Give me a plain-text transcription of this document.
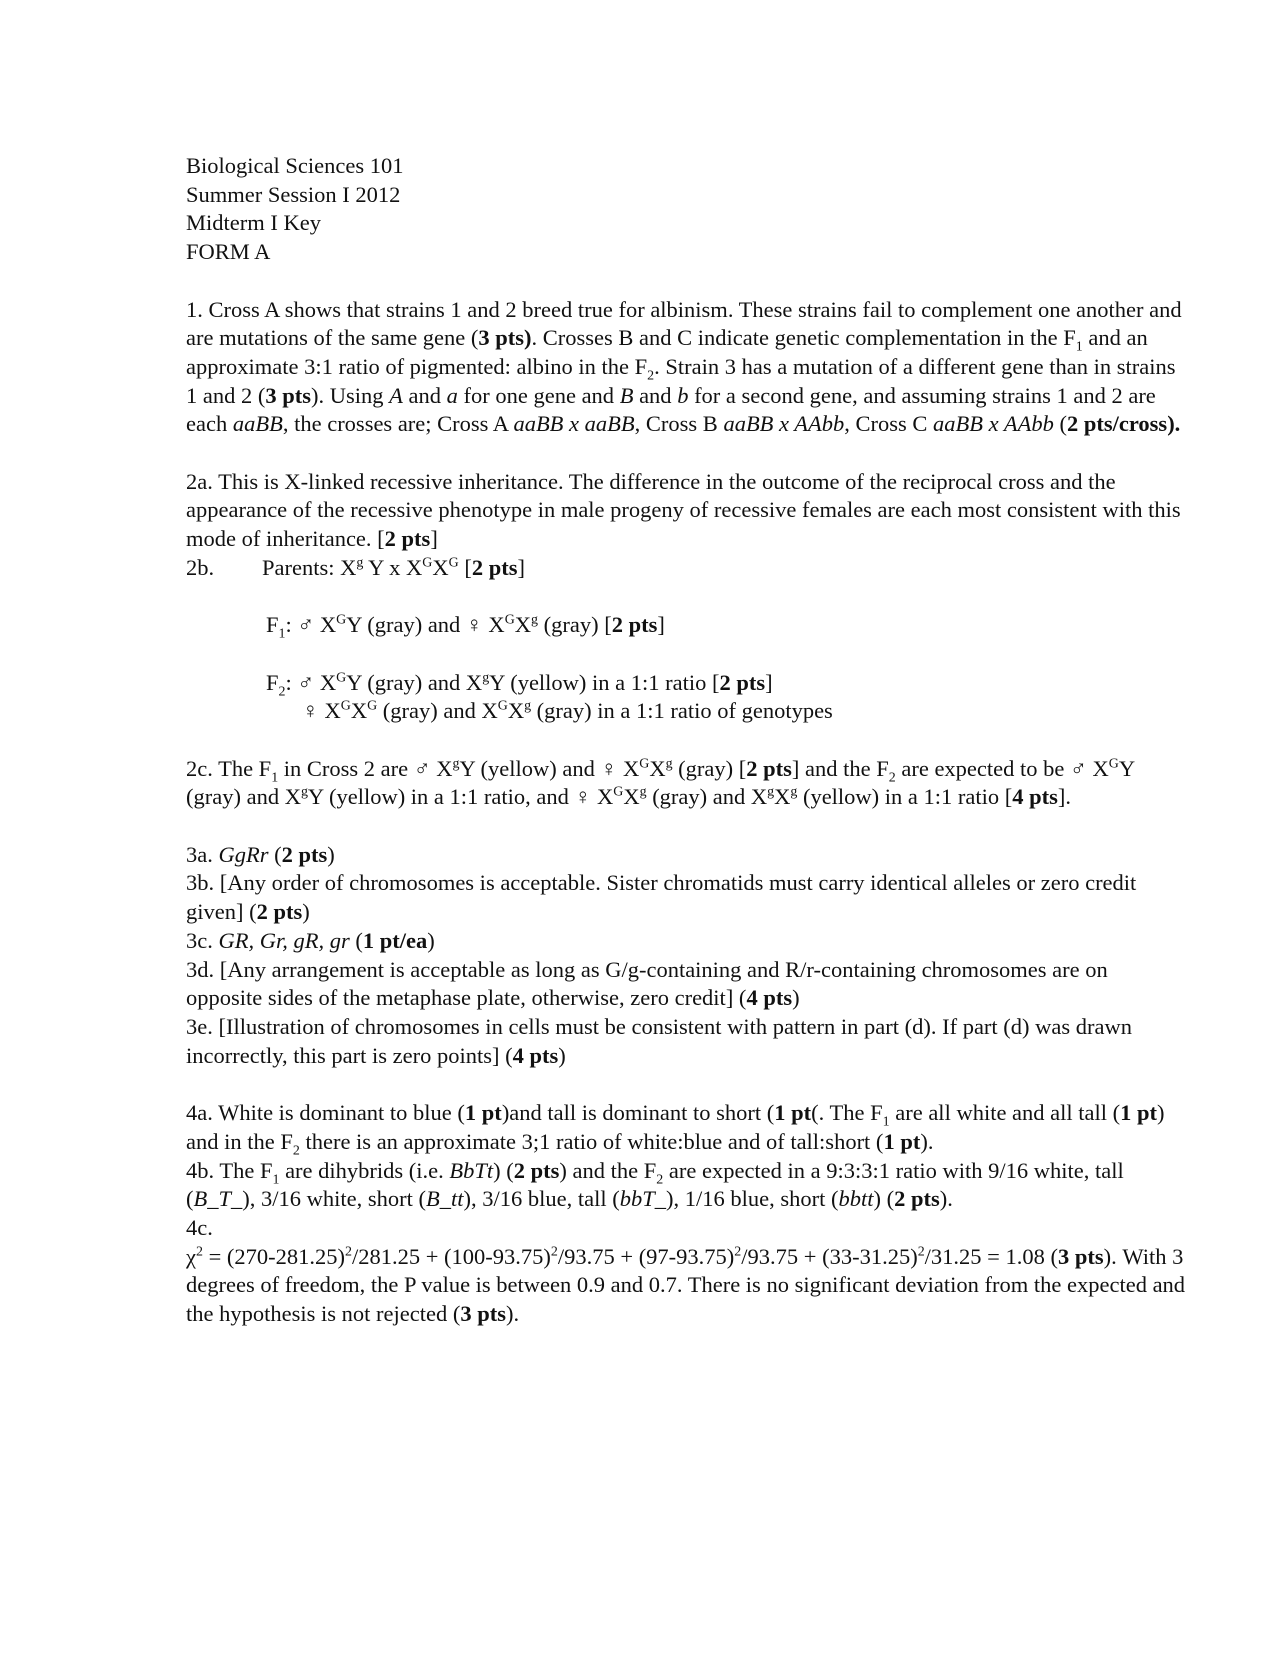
Biological Sciences 101

Summer Session I 2012

Midterm I Key

FORM A

1. Cross A shows that strains 1 and 2 breed true for albinism. These strains fail to complement one another and are mutations of the same gene (3 pts). Crosses B and C indicate genetic complementation in the $F_1$ and an approximate 3:1 ratio of pigmented: albino in the $F_2$. Strain 3 has a mutation of a different gene than in strains 1 and 2 (3 pts). Using A and a for one gene and B and b for a second gene, and assuming strains 1 and 2 are each aaBB, the crosses are; Cross A aaBB x aaBB, Cross B aaBB x AAbb, Cross C aaBB x AAbb (2 pts/cross).

2a. This is X-linked recessive inheritance. The difference in the outcome of the reciprocal cross and the appearance of the recessive phenotype in male progeny of recessive females are each most consistent with this mode of inheritance. [2 pts]

2b. Parents: $X^g$ Y x $X^GX^G$ [2 pts]

$F_1$: ♂ $X^GY$ (gray) and ♀ $X^GX^g$ (gray) [2 pts]

$F_2$: ♂ $X^GY$ (gray) and $X^gY$ (yellow) in a 1:1 ratio [2 pts]

♀ $X^GX^G$ (gray) and $X^GX^g$ (gray) in a 1:1 ratio of genotypes

2c. The $F_1$ in Cross 2 are ♂ $X^gY$ (yellow) and ♀ $X^GX^g$ (gray) [2 pts] and the $F_2$ are expected to be ♂ $X^GY$ (gray) and $X^gY$ (yellow) in a 1:1 ratio, and ♀ $X^GX^g$ (gray) and $X^gX^g$ (yellow) in a 1:1 ratio [4 pts].

3a. GgRr (2 pts)

3b. [Any order of chromosomes is acceptable. Sister chromatids must carry identical alleles or zero credit given] (2 pts)

3c. GR, Gr, gR, gr (1 pt/ea)

3d. [Any arrangement is acceptable as long as G/g-containing and R/r-containing chromosomes are on opposite sides of the metaphase plate, otherwise, zero credit] (4 pts)

3e. [Illustration of chromosomes in cells must be consistent with pattern in part (d). If part (d) was drawn incorrectly, this part is zero points] (4 pts)

4a. White is dominant to blue (1 pt)and tall is dominant to short (1 pt(. The $F_1$ are all white and all tall (1 pt) and in the $F_2$ there is an approximate 3;1 ratio of white:blue and of tall:short (1 pt).

4b. The $F_1$ are dihybrids (i.e. BbTt) (2 pts) and the $F_2$ are expected in a 9:3:3:1 ratio with 9/16 white, tall (B_T_), 3/16 white, short (B_tt), 3/16 blue, tall (bbT_), 1/16 blue, short (bbtt) (2 pts).

4c.

$\chi^2 = (270-281.25)^2/281.25 + (100-93.75)^2/93.75 + (97-93.75)^2/93.75 + (33-31.25)^2/31.25 = 1.08$ (3 pts). With 3 degrees of freedom, the P value is between 0.9 and 0.7. There is no significant deviation from the expected and the hypothesis is not rejected (3 pts).
